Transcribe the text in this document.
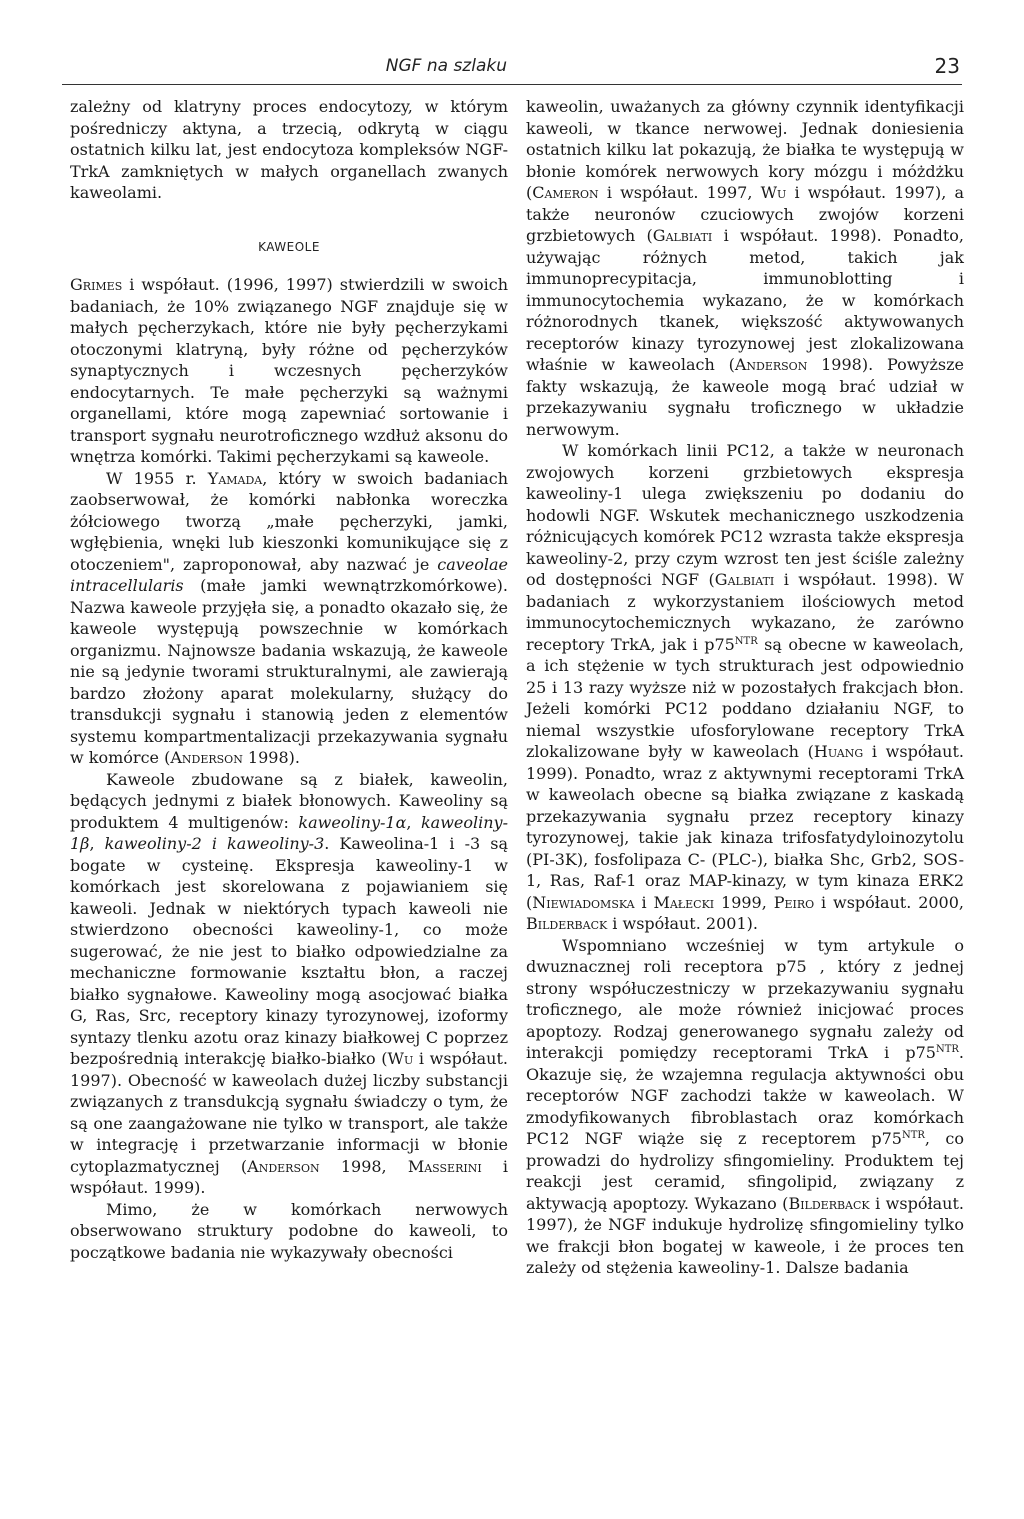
NGF na szlaku	23

zależny od klatryny proces endocytozy, w którym pośredniczy aktyna, a trzecią, odkrytą w ciągu ostatnich kilku lat, jest endocytoza kompleksów NGF-TrkA zamkniętych w małych organellach zwanych kaweolami.

KAWEOLE

Grimes i współaut. (1996, 1997) stwierdzili w swoich badaniach, że 10% związanego NGF znajduje się w małych pęcherzykach, które nie były pęcherzykami otoczonymi klatryną, były różne od pęcherzyków synaptycznych i wczesnych pęcherzyków endocytarnych. Te małe pęcherzyki są ważnymi organellami, które mogą zapewniać sortowanie i transport sygnału neurotroficznego wzdłuż aksonu do wnętrza komórki. Takimi pęcherzykami są kaweole.

W 1955 r. Yamada, który w swoich badaniach zaobserwował, że komórki nabłonka woreczka żółciowego tworzą „małe pęcherzyki, jamki, wgłębienia, wnęki lub kieszonki komunikujące się z otoczeniem", zaproponował, aby nazwać je caveolae intracellularis (małe jamki wewnątrzkomórkowe). Nazwa kaweole przyjęła się, a ponadto okazało się, że kaweole występują powszechnie w komórkach organizmu. Najnowsze badania wskazują, że kaweole nie są jedynie tworami strukturalnymi, ale zawierają bardzo złożony aparat molekularny, służący do transdukcji sygnału i stanowią jeden z elementów systemu kompartmentalizacji przekazywania sygnału w komórce (Anderson 1998).

Kaweole zbudowane są z białek, kaweolin, będących jednymi z białek błonowych. Kaweoliny są produktem 4 multigenów: kaweoliny-1α, kaweoliny-1β, kaweoliny-2 i kaweoliny-3. Kaweolina-1 i -3 są bogate w cysteinę. Ekspresja kaweoliny-1 w komórkach jest skorelowana z pojawianiem się kaweoli. Jednak w niektórych typach kaweoli nie stwierdzono obecności kaweoliny-1, co może sugerować, że nie jest to białko odpowiedzialne za mechaniczne formowanie kształtu błon, a raczej białko sygnałowe. Kaweoliny mogą asocjować białka G, Ras, Src, receptory kinazy tyrozynowej, izoformy syntazy tlenku azotu oraz kinazy białkowej C poprzez bezpośrednią interakcję białko-białko (Wu i współaut. 1997). Obecność w kaweolach dużej liczby substancji związanych z transdukcją sygnału świadczy o tym, że są one zaangażowane nie tylko w transport, ale także w integrację i przetwarzanie informacji w błonie cytoplazmatycznej (Anderson 1998, Masserini i współaut. 1999).

Mimo, że w komórkach nerwowych obserwowano struktury podobne do kaweoli, to początkowe badania nie wykazywały obecności

kaweolin, uważanych za główny czynnik identyfikacji kaweoli, w tkance nerwowej. Jednak doniesienia ostatnich kilku lat pokazują, że białka te występują w błonie komórek nerwowych kory mózgu i móżdżku (Cameron i współaut. 1997, Wu i współaut. 1997), a także neuronów czuciowych zwojów korzeni grzbietowych (Galbiati i współaut. 1998). Ponadto, używając różnych metod, takich jak immunoprecypitacja, immunoblotting i immunocytochemia wykazano, że w komórkach różnorodnych tkanek, większość aktywowanych receptorów kinazy tyrozynowej jest zlokalizowana właśnie w kaweolach (Anderson 1998). Powyższe fakty wskazują, że kaweole mogą brać udział w przekazywaniu sygnału troficznego w układzie nerwowym.

W komórkach linii PC12, a także w neuronach zwojowych korzeni grzbietowych ekspresja kaweoliny-1 ulega zwiększeniu po dodaniu do hodowli NGF. Wskutek mechanicznego uszkodzenia różnicujących komórek PC12 wzrasta także ekspresja kaweoliny-2, przy czym wzrost ten jest ściśle zależny od dostępności NGF (Galbiati i współaut. 1998). W badaniach z wykorzystaniem ilościowych metod immunocytochemicznych wykazano, że zarówno receptory TrkA, jak i $p75^{NTR}$ są obecne w kaweolach, a ich stężenie w tych strukturach jest odpowiednio 25 i 13 razy wyższe niż w pozostałych frakcjach błon. Jeżeli komórki PC12 poddano działaniu NGF, to niemal wszystkie ufosforylowane receptory TrkA zlokalizowane były w kaweolach (Huang i współaut. 1999). Ponadto, wraz z aktywnymi receptorami TrkA w kaweolach obecne są białka związane z kaskadą przekazywania sygnału przez receptory kinazy tyrozynowej, takie jak kinaza trifosfatydyloinozytolu (PI-3K), fosfolipaza C- (PLC-), białka Shc, Grb2, SOS-1, Ras, Raf-1 oraz MAP-kinazy, w tym kinaza ERK2 (Niewiadomska i Małecki 1999, Peiro i współaut. 2000, Bilderback i współaut. 2001).

Wspomniano wcześniej w tym artykule o dwuznacznej roli receptora p75 , który z jednej strony współuczestniczy w przekazywaniu sygnału troficznego, ale może również inicjować proces apoptozy. Rodzaj generowanego sygnału zależy od interakcji pomiędzy receptorami TrkA i $p75^{NTR}$. Okazuje się, że wzajemna regulacja aktywności obu receptorów NGF zachodzi także w kaweolach. W zmodyfikowanych fibroblastach oraz komórkach PC12 NGF wiąże się z receptorem $p75^{NTR}$, co prowadzi do hydrolizy sfingomieliny. Produktem tej reakcji jest ceramid, sfingolipid, związany z aktywacją apoptozy. Wykazano (Bilderback i współaut. 1997), że NGF indukuje hydrolizę sfingomieliny tylko we frakcji błon bogatej w kaweole, i że proces ten zależy od stężenia kaweoliny-1. Dalsze badania
